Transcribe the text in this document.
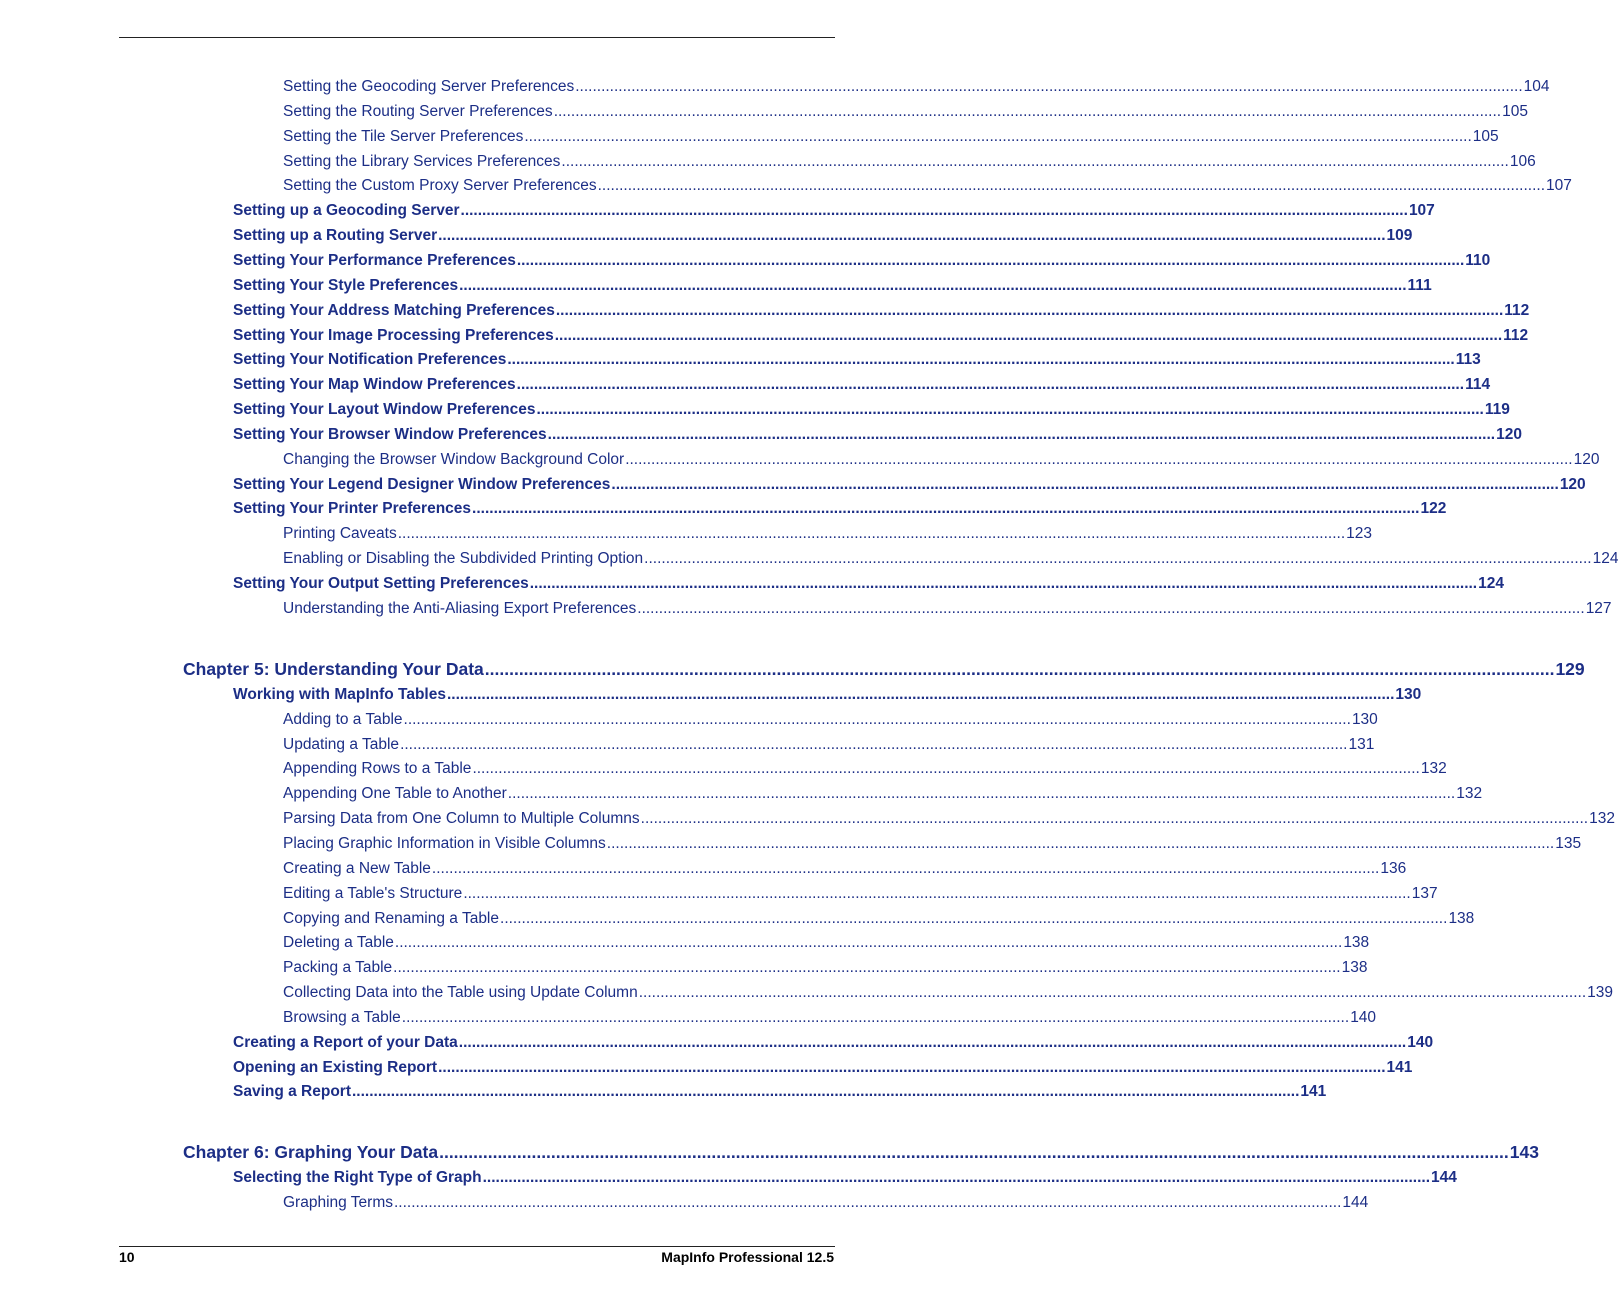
Setting the Geocoding Server Preferences ............................................................................................................................................................................................................................ 104
Setting the Routing Server Preferences ............................................................................................................................................................................................................................ 105
Setting the Tile Server Preferences ............................................................................................................................................................................................................................ 105
Setting the Library Services Preferences ............................................................................................................................................................................................................................ 106
Setting the Custom Proxy Server Preferences ............................................................................................................................................................................................................................ 107
Setting up a Geocoding Server ............................................................................................................................................................................................................................ 107
Setting up a Routing Server ............................................................................................................................................................................................................................ 109
Setting Your Performance Preferences ............................................................................................................................................................................................................................ 110
Setting Your Style Preferences ............................................................................................................................................................................................................................ 111
Setting Your Address Matching Preferences ............................................................................................................................................................................................................................ 112
Setting Your Image Processing Preferences ............................................................................................................................................................................................................................ 112
Setting Your Notification Preferences ............................................................................................................................................................................................................................ 113
Setting Your Map Window Preferences ............................................................................................................................................................................................................................ 114
Setting Your Layout Window Preferences ............................................................................................................................................................................................................................ 119
Setting Your Browser Window Preferences ............................................................................................................................................................................................................................ 120
Changing the Browser Window Background Color ............................................................................................................................................................................................................................ 120
Setting Your Legend Designer Window Preferences ............................................................................................................................................................................................................................ 120
Setting Your Printer Preferences ............................................................................................................................................................................................................................ 122
Printing Caveats ............................................................................................................................................................................................................................ 123
Enabling or Disabling the Subdivided Printing Option ............................................................................................................................................................................................................................ 124
Setting Your Output Setting Preferences ............................................................................................................................................................................................................................ 124
Understanding the Anti-Aliasing Export Preferences ............................................................................................................................................................................................................................ 127
Chapter 5: Understanding Your Data ............................................................................................................................................................................................................................ 129
Working with MapInfo Tables ............................................................................................................................................................................................................................ 130
Adding to a Table ............................................................................................................................................................................................................................ 130
Updating a Table ............................................................................................................................................................................................................................ 131
Appending Rows to a Table ............................................................................................................................................................................................................................ 132
Appending One Table to Another ............................................................................................................................................................................................................................ 132
Parsing Data from One Column to Multiple Columns ............................................................................................................................................................................................................................ 132
Placing Graphic Information in Visible Columns ............................................................................................................................................................................................................................ 135
Creating a New Table ............................................................................................................................................................................................................................ 136
Editing a Table's Structure ............................................................................................................................................................................................................................ 137
Copying and Renaming a Table ............................................................................................................................................................................................................................ 138
Deleting a Table ............................................................................................................................................................................................................................ 138
Packing a Table ............................................................................................................................................................................................................................ 138
Collecting Data into the Table using Update Column ............................................................................................................................................................................................................................ 139
Browsing a Table ............................................................................................................................................................................................................................ 140
Creating a Report of your Data ............................................................................................................................................................................................................................ 140
Opening an Existing Report ............................................................................................................................................................................................................................ 141
Saving a Report ............................................................................................................................................................................................................................ 141
Chapter 6: Graphing Your Data ............................................................................................................................................................................................................................ 143
Selecting the Right Type of Graph ............................................................................................................................................................................................................................ 144
Graphing Terms ............................................................................................................................................................................................................................ 144
10	MapInfo Professional 12.5
